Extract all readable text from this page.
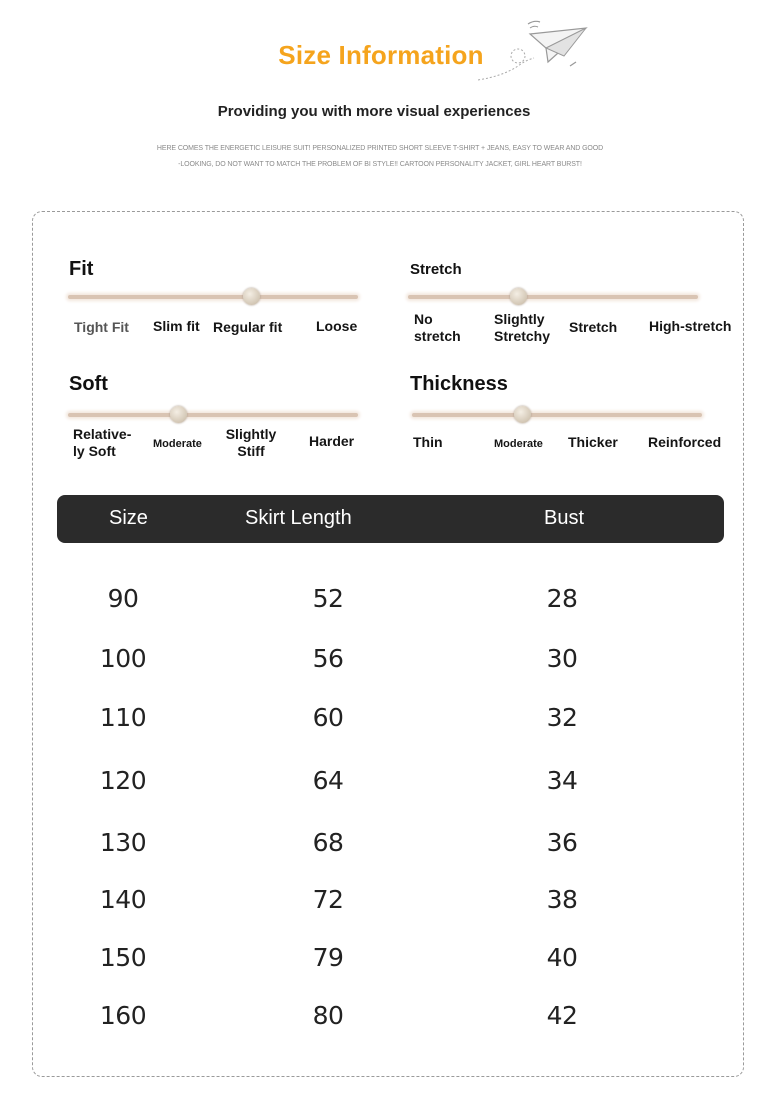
Size Information
Providing you with more visual experiences
HERE COMES THE ENERGETIC LEISURE SUIT! PERSONALIZED PRINTED SHORT SLEEVE T-SHIRT + JEANS, EASY TO WEAR AND GOOD
-LOOKING, DO NOT WANT TO MATCH THE PROBLEM OF BI STYLE!! CARTOON PERSONALITY JACKET, GIRL HEART BURST!
Fit
Tight Fit Slim fit Regular fit Loose
Stretch
No stretch
Slightly Stretchy
Stretch High-stretch
Soft
Relative-ly Soft	Moderate
Slightly Stiff
Harder
Thickness
Thin	Moderate Thicker Reinforced
Size	Skirt Length	Bust
90	52	28
100	56	30
110	60	32
120	64	34
130	68	36
140	72	38
150	79	40
160	80	42
